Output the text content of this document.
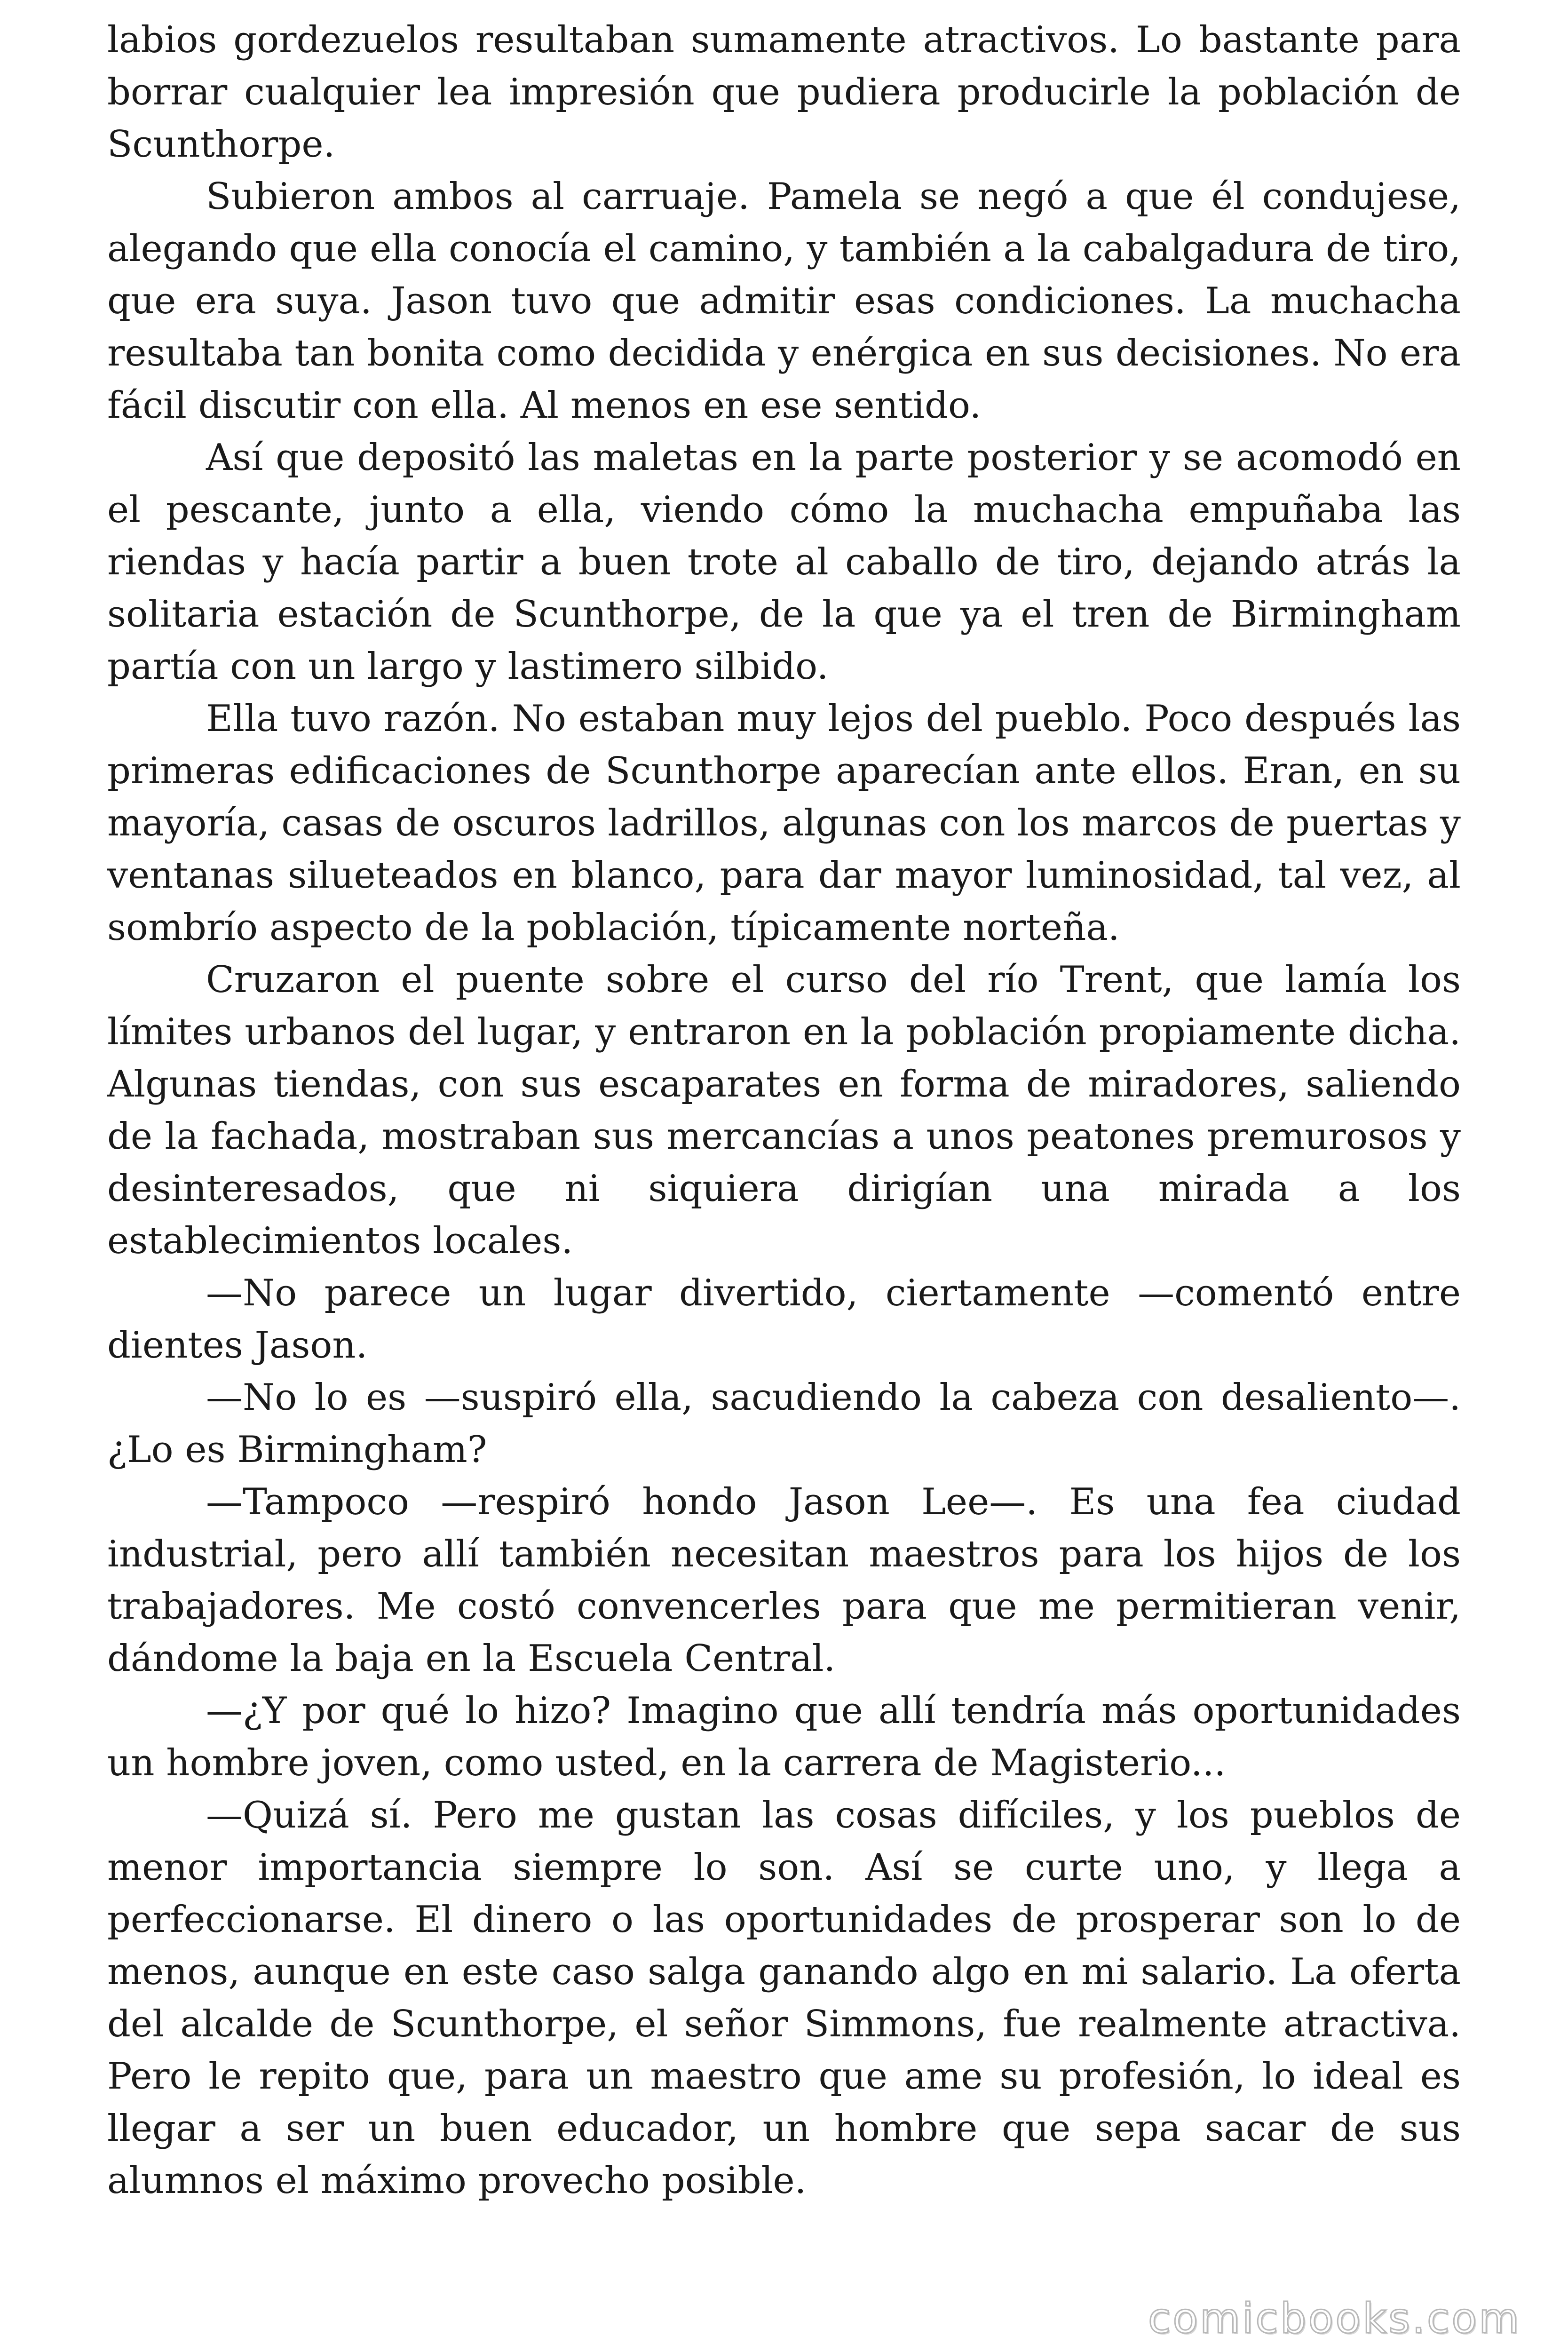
labios gordezuelos resultaban sumamente atractivos. Lo bastante para borrar cualquier lea impresión que pudiera producirle la población de Scunthorpe.

Subieron ambos al carruaje. Pamela se negó a que él condujese, alegando que ella conocía el camino, y también a la cabalgadura de tiro, que era suya. Jason tuvo que admitir esas condiciones. La muchacha resultaba tan bonita como decidida y enérgica en sus decisiones. No era fácil discutir con ella. Al menos en ese sentido.

Así que depositó las maletas en la parte posterior y se acomodó en el pescante, junto a ella, viendo cómo la muchacha empuñaba las riendas y hacía partir a buen trote al caballo de tiro, dejando atrás la solitaria estación de Scunthorpe, de la que ya el tren de Birmingham partía con un largo y lastimero silbido.

Ella tuvo razón. No estaban muy lejos del pueblo. Poco después las primeras edificaciones de Scunthorpe aparecían ante ellos. Eran, en su mayoría, casas de oscuros ladrillos, algunas con los marcos de puertas y ventanas silueteados en blanco, para dar mayor luminosidad, tal vez, al sombrío aspecto de la población, típicamente norteña.

Cruzaron el puente sobre el curso del río Trent, que lamía los límites urbanos del lugar, y entraron en la población propiamente dicha. Algunas tiendas, con sus escaparates en forma de miradores, saliendo de la fachada, mostraban sus mercancías a unos peatones premurosos y desinteresados, que ni siquiera dirigían una mirada a los establecimientos locales.

—No parece un lugar divertido, ciertamente —comentó entre dientes Jason.

—No lo es —suspiró ella, sacudiendo la cabeza con desaliento—. ¿Lo es Birmingham?

—Tampoco —respiró hondo Jason Lee—. Es una fea ciudad industrial, pero allí también necesitan maestros para los hijos de los trabajadores. Me costó convencerles para que me permitieran venir, dándome la baja en la Escuela Central.

—¿Y por qué lo hizo? Imagino que allí tendría más oportunidades un hombre joven, como usted, en la carrera de Magisterio...

—Quizá sí. Pero me gustan las cosas difíciles, y los pueblos de menor importancia siempre lo son. Así se curte uno, y llega a perfeccionarse. El dinero o las oportunidades de prosperar son lo de menos, aunque en este caso salga ganando algo en mi salario. La oferta del alcalde de Scunthorpe, el señor Simmons, fue realmente atractiva. Pero le repito que, para un maestro que ame su profesión, lo ideal es llegar a ser un buen educador, un hombre que sepa sacar de sus alumnos el máximo provecho posible.

comicbooks.com
